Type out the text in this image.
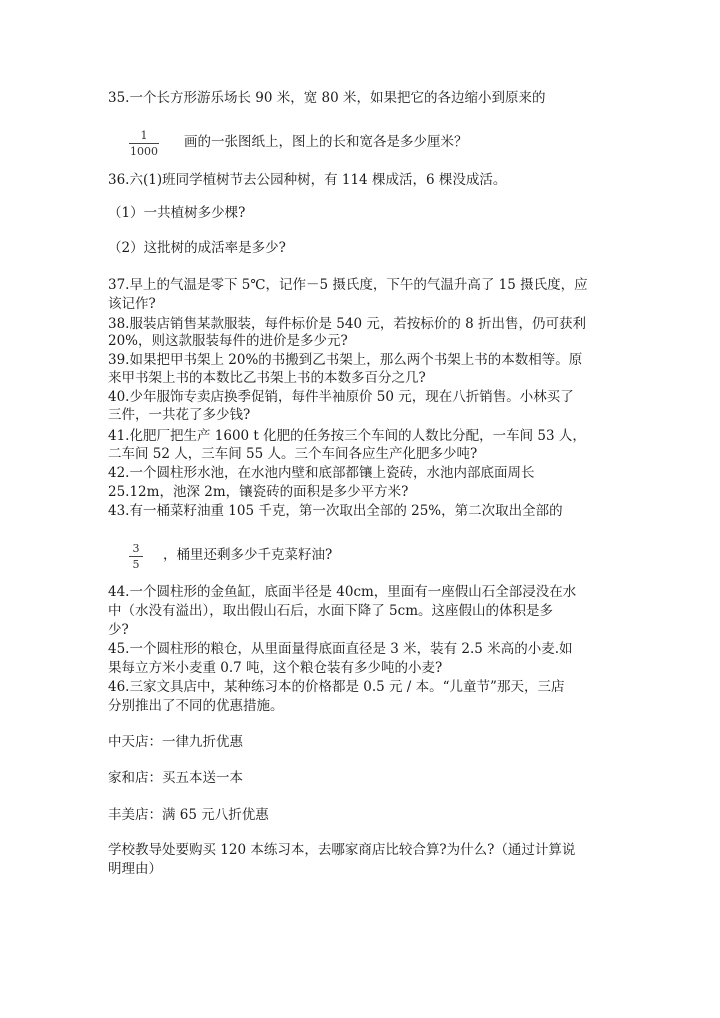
35.一个长方形游乐场长 90 米，宽 80 米，如果把它的各边缩小到原来的
1
1000
画的一张图纸上，图上的长和宽各是多少厘米？
36.六(1)班同学植树节去公园种树，有 114 棵成活，6 棵没成活。
（1）一共植树多少棵?
（2）这批树的成活率是多少?
37.早上的气温是零下 5℃，记作－5 摄氏度，下午的气温升高了 15 摄氏度，应
该记作?
38.服装店销售某款服装，每件标价是 540 元，若按标价的 8 折出售，仍可获利
20%，则这款服装每件的进价是多少元?
39.如果把甲书架上 20%的书搬到乙书架上，那么两个书架上书的本数相等。原
来甲书架上书的本数比乙书架上书的本数多百分之几?
40.少年服饰专卖店换季促销，每件半袖原价 50 元，现在八折销售。小林买了
三件，一共花了多少钱?
41.化肥厂把生产 1600 t 化肥的任务按三个车间的人数比分配，一车间 53 人，
二车间 52 人，三车间 55 人。三个车间各应生产化肥多少吨?
42.一个圆柱形水池，在水池内壁和底部都镶上瓷砖，水池内部底面周长
25.12m，池深 2m，镶瓷砖的面积是多少平方米?
43.有一桶菜籽油重 105 千克，第一次取出全部的 25%，第二次取出全部的
3
5
，桶里还剩多少千克菜籽油?
44.一个圆柱形的金鱼缸，底面半径是 40cm，里面有一座假山石全部浸没在水
中（水没有溢出），取出假山石后，水面下降了 5cm。这座假山的体积是多
少?
45.一个圆柱形的粮仓，从里面量得底面直径是 3 米，装有 2.5 米高的小麦.如
果每立方米小麦重 0.7 吨，这个粮仓装有多少吨的小麦?
46.三家文具店中，某种练习本的价格都是 0.5 元 / 本。“儿童节”那天，三店
分别推出了不同的优惠措施。
中天店：一律九折优惠
家和店：买五本送一本
丰美店：满 65 元八折优惠
学校教导处要购买 120 本练习本，去哪家商店比较合算?为什么?（通过计算说
明理由）
